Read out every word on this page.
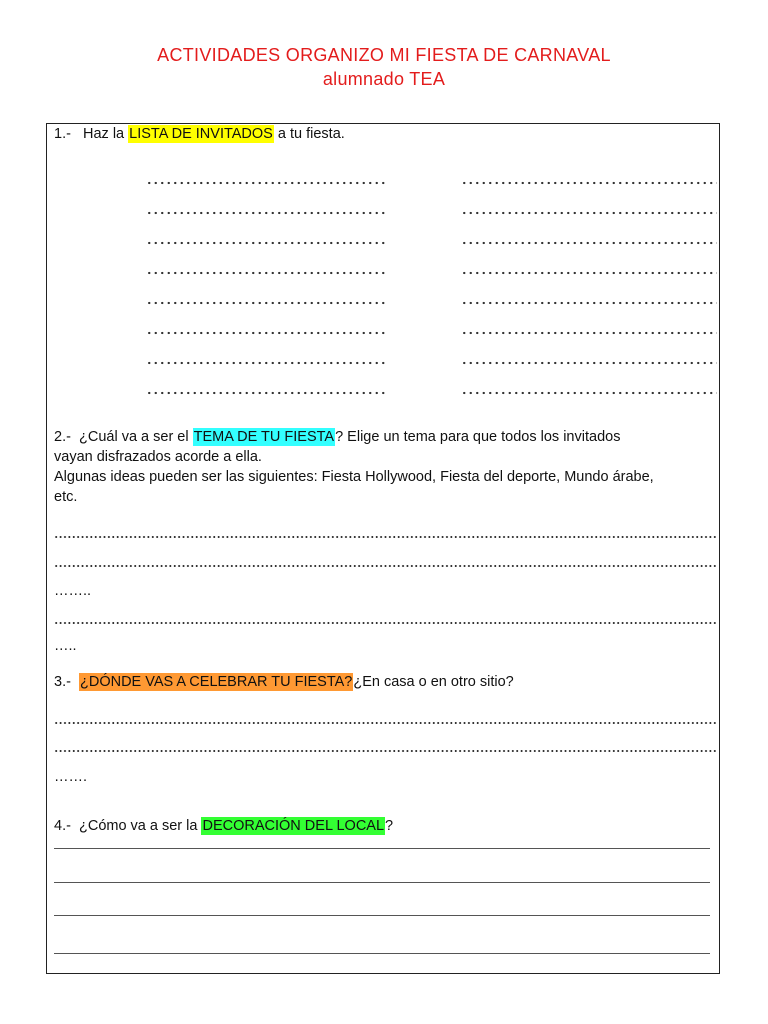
ACTIVIDADES ORGANIZO MI FIESTA DE CARNAVAL
alumnado TEA
1.- Haz la LISTA DE INVITADOS a tu fiesta.
2.- ¿Cuál va a ser el TEMA DE TU FIESTA? Elige un tema para que todos los invitados
vayan disfrazados acorde a ella.
Algunas ideas pueden ser las siguientes: Fiesta Hollywood, Fiesta del deporte, Mundo árabe,
etc.
……..
…..
3.- ¿DÓNDE VAS A CELEBRAR TU FIESTA?¿En casa o en otro sitio?
…….
4.- ¿Cómo va a ser la DECORACIÓN DEL LOCAL?
